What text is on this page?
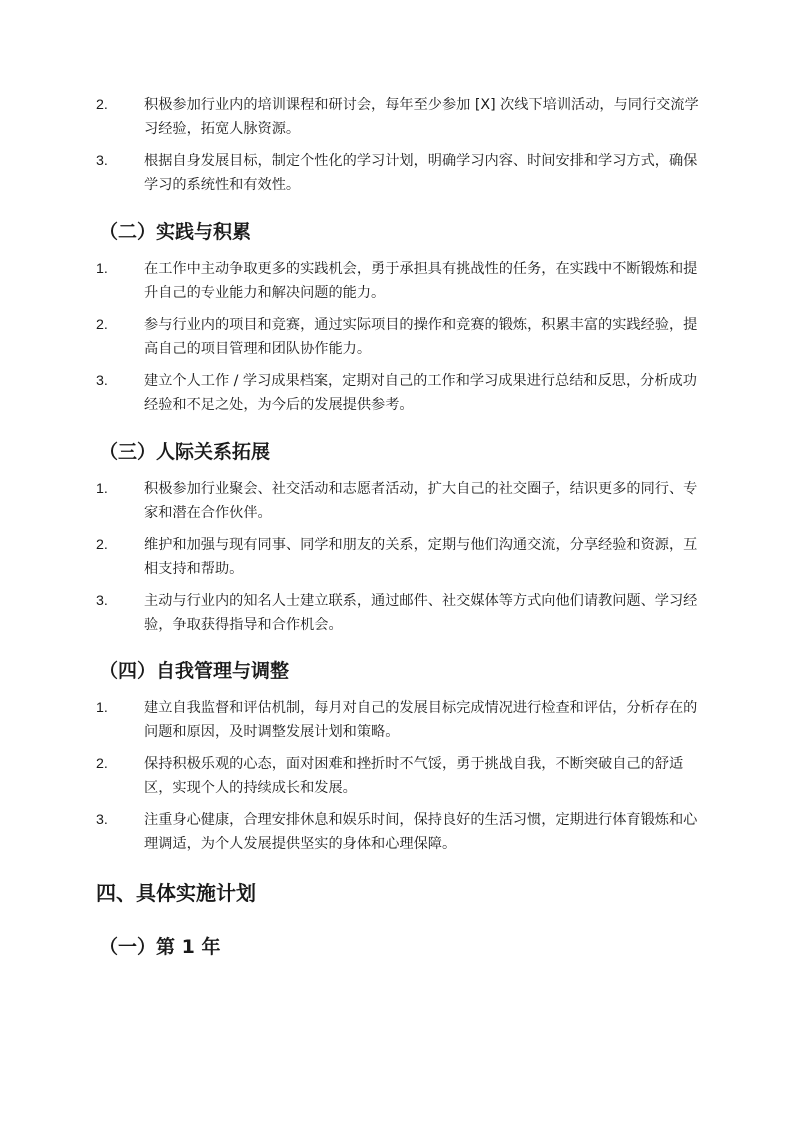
2.	积极参加行业内的培训课程和研讨会，每年至少参加 [X] 次线下培训活动，与同行交流学习经验，拓宽人脉资源。
3.	根据自身发展目标，制定个性化的学习计划，明确学习内容、时间安排和学习方式，确保学习的系统性和有效性。
（二）实践与积累
1.	在工作中主动争取更多的实践机会，勇于承担具有挑战性的任务，在实践中不断锻炼和提升自己的专业能力和解决问题的能力。
2.	参与行业内的项目和竞赛，通过实际项目的操作和竞赛的锻炼，积累丰富的实践经验，提高自己的项目管理和团队协作能力。
3.	建立个人工作 / 学习成果档案，定期对自己的工作和学习成果进行总结和反思，分析成功经验和不足之处，为今后的发展提供参考。
（三）人际关系拓展
1.	积极参加行业聚会、社交活动和志愿者活动，扩大自己的社交圈子，结识更多的同行、专家和潜在合作伙伴。
2.	维护和加强与现有同事、同学和朋友的关系，定期与他们沟通交流，分享经验和资源，互相支持和帮助。
3.	主动与行业内的知名人士建立联系，通过邮件、社交媒体等方式向他们请教问题、学习经验，争取获得指导和合作机会。
（四）自我管理与调整
1.	建立自我监督和评估机制，每月对自己的发展目标完成情况进行检查和评估，分析存在的问题和原因，及时调整发展计划和策略。
2.	保持积极乐观的心态，面对困难和挫折时不气馁，勇于挑战自我，不断突破自己的舒适区，实现个人的持续成长和发展。
3.	注重身心健康，合理安排休息和娱乐时间，保持良好的生活习惯，定期进行体育锻炼和心理调适，为个人发展提供坚实的身体和心理保障。
四、具体实施计划
（一）第 1 年
